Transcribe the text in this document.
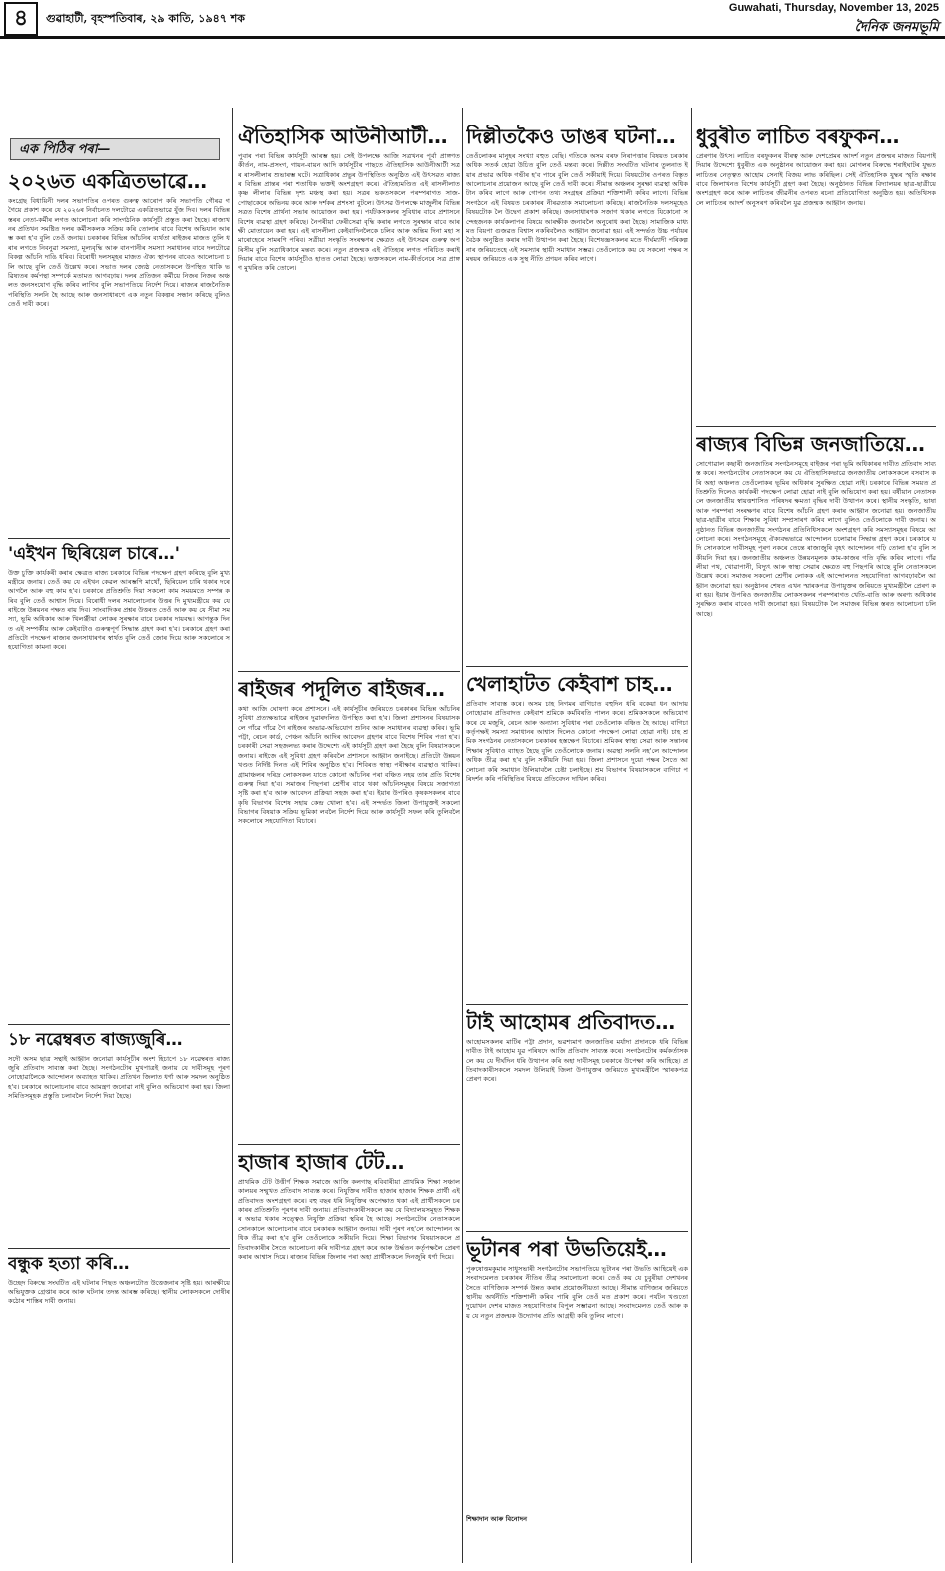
৪	গুৱাহাটী, বৃহস্পতিবাৰ, ২৯ কাতি, ১৯৪৭ শক
Guwahati, Thursday, November 13, 2025
দৈনিক জনমভূমি
এক পিঠিৰ পৰা—
২০২৬ত একত্ৰিতভাৱে…

কংগ্ৰেছ বিধায়িনী দলৰ সভাপতিৰ ওপৰত গুৰুত্ব আৰোপ কৰি সভাপতি গৌৰৱ গগৈয়ে প্ৰকাশ কৰে যে ২০২৬ৰ নিৰ্বাচনত দলটোৱে একত্ৰিতভাৱে যুঁজ দিব। দলৰ বিভিন্ন স্তৰৰ নেতা-কৰ্মীৰ লগত আলোচনা কৰি সাংগঠনিক কাৰ্যসূচী প্ৰস্তুত কৰা হৈছে। ৰাজ্যখনৰ প্ৰতিখন সমষ্টিত দলৰ কৰ্মীসকলক সক্ৰিয় কৰি তোলাৰ বাবে বিশেষ অভিযান আৰম্ভ কৰা হ'ব বুলি তেওঁ জনায়। চৰকাৰৰ বিভিন্ন আঁচনিৰ ব্যৰ্থতা ৰাইজৰ মাজত তুলি ধৰাৰ লগতে নিবনুৱা সমস্যা, মূল্যবৃদ্ধি আৰু বানপানীৰ সমস্যা সমাধানৰ বাবে দলটোৱে বিকল্প আঁচনি দাঙি ধৰিব। বিৰোধী দলসমূহৰ মাজত ঐক্য স্থাপনৰ বাবেও আলোচনা চলি আছে বুলি তেওঁ উল্লেখ কৰে। সভাত দলৰ জ্যেষ্ঠ নেতাসকলে উপস্থিত থাকি ভৱিষ্যতৰ কৰ্মপন্থা সম্পৰ্কে মতামত আগবঢ়ায়। দলৰ প্ৰতিজন কৰ্মীয়ে নিজৰ নিজৰ অঞ্চলত জনসংযোগ বৃদ্ধি কৰিব লাগিব বুলি সভাপতিয়ে নিৰ্দেশ দিয়ে। ৰাজ্যৰ ৰাজনৈতিক পৰিস্থিতি সলনি হৈ আছে আৰু জনসাধাৰণে এক নতুন বিকল্পৰ সন্ধান কৰিছে বুলিও তেওঁ দাবী কৰে।

'এইখন ছিৰিয়েল চাৰে…'

উক্ত চুক্তি কাৰ্যকৰী কৰাৰ ক্ষেত্ৰত ৰাজ্য চৰকাৰে বিভিন্ন পদক্ষেপ গ্ৰহণ কৰিছে বুলি মুখ্যমন্ত্ৰীয়ে জনায়। তেওঁ কয় যে এইখন কেৱল আৰম্ভণি মাথোঁ, ছিৰিয়েল চাৰি থকাৰ দৰে আগলৈ আৰু বহু কাম হ'ব। চৰকাৰে প্ৰতিশ্ৰুতি দিয়া সকলো কাম সময়মতে সম্পন্ন কৰিব বুলি তেওঁ আশ্বাস দিয়ে। বিৰোধী দলৰ সমালোচনাৰ উত্তৰ দি মুখ্যমন্ত্ৰীয়ে কয় যে ৰাইজে উন্নয়নৰ পক্ষত ৰায় দিব। সাংবাদিকৰ প্ৰশ্নৰ উত্তৰত তেওঁ আৰু কয় যে সীমা সমস্যা, ভূমি অধিকাৰ আৰু খিলঞ্জীয়া লোকৰ সুৰক্ষাৰ বাবে চৰকাৰ দায়বদ্ধ। আগন্তুক দিনত এই সম্পৰ্কীয় আৰু কেইবাটাও গুৰুত্বপূৰ্ণ সিদ্ধান্ত গ্ৰহণ কৰা হ'ব। চৰকাৰে গ্ৰহণ কৰা প্ৰতিটো পদক্ষেপ ৰাজ্যৰ জনসাধাৰণৰ স্বাৰ্থত বুলি তেওঁ জোৰ দিয়ে আৰু সকলোৰে সহযোগিতা কামনা কৰে।

১৮ নৱেম্বৰত ৰাজ্যজুৰি…

সদৌ অসম ছাত্ৰ সন্থাই আহ্বান জনোৱা কাৰ্যসূচীৰ অংশ হিচাপে ১৮ নৱেম্বৰত ৰাজ্যজুৰি প্ৰতিবাদ সাব্যস্ত কৰা হৈছে। সংগঠনটোৰ মুখপাত্ৰই জনায় যে দাবীসমূহ পূৰণ নোহোৱালৈকে আন্দোলন অব্যাহত থাকিব। প্ৰতিখন জিলাত ধৰ্ণা আৰু সমদল অনুষ্ঠিত হ'ব। চৰকাৰে আলোচনাৰ বাবে আমন্ত্ৰণ জনোৱা নাই বুলিও অভিযোগ কৰা হয়। জিলা সমিতিসমূহক প্ৰস্তুতি চলাবলৈ নিৰ্দেশ দিয়া হৈছে।

বন্ধুক হত্যা কৰি…

উচ্ছেদ বিৰুদ্ধে সংঘটিত এই ঘটনাৰ পিছত অঞ্চলটোত উত্তেজনাৰ সৃষ্টি হয়। আৰক্ষীয়ে অভিযুক্তক গ্ৰেপ্তাৰ কৰে আৰু ঘটনাৰ তদন্ত আৰম্ভ কৰিছে। স্থানীয় লোকসকলে দোষীৰ কঠোৰ শাস্তিৰ দাবী জনায়।

ঐতিহাসিক আউনীআটী…

পুবাৰ পৰা বিভিন্ন কাৰ্যসূচী আৰম্ভ হয়। সেই উপলক্ষে আজি সত্ৰখনৰ পূৰ্বা প্ৰাঙ্গণত কীৰ্তন, নাম-প্ৰসংগ, গায়ন-বায়ন আদি কাৰ্যসূচীৰ পাছতে ঐতিহাসিক আউনীআটী সত্ৰৰ ৰাসলীলাৰ শুভাৰম্ভ ঘটে। সত্ৰাধিকাৰ প্ৰভুৰ উপস্থিতিত অনুষ্ঠিত এই উৎসৱত ৰাজ্যৰ বিভিন্ন প্ৰান্তৰ পৰা শতাধিক ভক্তই অংশগ্ৰহণ কৰে। ঐতিহ্যমণ্ডিত এই ৰাসলীলাত কৃষ্ণ লীলাৰ বিভিন্ন দৃশ্য মঞ্চস্থ কৰা হয়। সত্ৰৰ ভকতসকলে পৰম্পৰাগত সাজ-পোছাকেৰে অভিনয় কৰে আৰু দৰ্শকৰ প্ৰশংসা বুটলে। উৎসৱ উপলক্ষে মাজুলীৰ বিভিন্ন সত্ৰত বিশেষ প্ৰাৰ্থনা সভাৰ আয়োজন কৰা হয়। পৰ্যটকসকলৰ সুবিধাৰ বাবে প্ৰশাসনে বিশেষ ব্যৱস্থা গ্ৰহণ কৰিছে। নৈপৰীয়া ফেৰীসেৱা বৃদ্ধি কৰাৰ লগতে সুৰক্ষাৰ বাবে আৰক্ষী মোতায়েন কৰা হয়। এই ৰাসলীলা কেইবাদিনলৈকে চলিব আৰু অন্তিম দিনা মহা সমাৰোহেৰে সামৰণি পৰিব। সত্ৰীয়া সংস্কৃতি সংৰক্ষণৰ ক্ষেত্ৰত এই উৎসৱৰ গুৰুত্ব অপৰিসীম বুলি সত্ৰাধিকাৰে মন্তব্য কৰে। নতুন প্ৰজন্মক এই ঐতিহ্যৰ লগত পৰিচিত কৰাই দিয়াৰ বাবে বিশেষ কাৰ্যসূচীও হাতত লোৱা হৈছে। ভক্তসকলে নাম-কীৰ্তনেৰে সত্ৰ প্ৰাঙ্গণ মুখৰিত কৰি তোলে।

ৰাইজৰ পদূলিত ৰাইজৰ…

কথা আজি ঘোষণা কৰে প্ৰশাসনে। এই কাৰ্যসূচীৰ জৰিয়তে চৰকাৰৰ বিভিন্ন আঁচনিৰ সুবিধা প্ৰত্যক্ষভাৱে ৰাইজৰ দুৱাৰদলিত উপস্থিত কৰা হ'ব। জিলা প্ৰশাসনৰ বিষয়াসকলে গাঁৱে গাঁৱে গৈ ৰাইজৰ অভাৱ-অভিযোগ শুনিব আৰু সমাধানৰ ব্যৱস্থা কৰিব। ভূমি পট্টা, ৰেচন কাৰ্ড, পেঞ্চন আঁচনি আদিৰ আবেদন গ্ৰহণৰ বাবে বিশেষ শিবিৰ পতা হ'ব। চৰকাৰী সেৱা সহজলভ্য কৰাৰ উদ্দেশ্যে এই কাৰ্যসূচী গ্ৰহণ কৰা হৈছে বুলি বিষয়াসকলে জনায়। ৰাইজে এই সুবিধা গ্ৰহণ কৰিবলৈ প্ৰশাসনে আহ্বান জনাইছে। প্ৰতিটো উন্নয়ন খণ্ডত নিৰ্দিষ্ট দিনত এই শিবিৰ অনুষ্ঠিত হ'ব। শিবিৰত স্বাস্থ্য পৰীক্ষাৰ ব্যৱস্থাও থাকিব। গ্ৰামাঞ্চলৰ দৰিদ্ৰ লোকসকল যাতে কোনো আঁচনিৰ পৰা বঞ্চিত নহয় তাৰ প্ৰতি বিশেষ গুৰুত্ব দিয়া হ'ব। সমাজৰ পিছপৰা শ্ৰেণীৰ বাবে থকা আঁচনিসমূহৰ বিষয়ে সজাগতা সৃষ্টি কৰা হ'ব আৰু আবেদন প্ৰক্ৰিয়া সহজ কৰা হ'ব। ইয়াৰ উপৰিও কৃষকসকলৰ বাবে কৃষি বিভাগৰ বিশেষ সহায় কেন্দ্ৰ খোলা হ'ব। এই সন্দৰ্ভত জিলা উপায়ুক্তই সকলো বিভাগৰ বিষয়াক সক্ৰিয় ভূমিকা লবলৈ নিৰ্দেশ দিয়ে আৰু কাৰ্যসূচী সফল কৰি তুলিবলৈ সকলোৰে সহযোগিতা বিচাৰে।

হাজাৰ হাজাৰ টেট…

প্ৰাথমিক টেট উত্তীৰ্ণ শিক্ষক সমাজে আজি কলগাছ ৰবিবাৰীয়া প্ৰাথমিক শিক্ষা সঞ্চালকালয়ৰ সন্মুখত প্ৰতিবাদ সাব্যস্ত কৰে। নিযুক্তিৰ দাবীত হাজাৰ হাজাৰ শিক্ষক প্ৰাৰ্থী এই প্ৰতিবাদত অংশগ্ৰহণ কৰে। বহু বছৰ ধৰি নিযুক্তিৰ অপেক্ষাত থকা এই প্ৰাৰ্থীসকলে চৰকাৰৰ প্ৰতিশ্ৰুতি পূৰণৰ দাবী জনায়। প্ৰতিবাদকাৰীসকলে কয় যে বিদ্যালয়সমূহত শিক্ষকৰ অভাৱ থকাৰ সত্ত্বেও নিযুক্তি প্ৰক্ৰিয়া স্থবিৰ হৈ আছে। সংগঠনটোৰ নেতাসকলে সোনকালে আলোচনাৰ বাবে চৰকাৰক আহ্বান জনায়। দাবী পূৰণ নহ'লে আন্দোলন অধিক তীব্ৰ কৰা হ'ব বুলি তেওঁলোকে সকীয়নি দিয়ে। শিক্ষা বিভাগৰ বিষয়াসকলে প্ৰতিবাদকাৰীৰ সৈতে আলোচনা কৰি দাবীপত্ৰ গ্ৰহণ কৰে আৰু উৰ্দ্ধতন কৰ্তৃপক্ষলৈ প্ৰেৰণ কৰাৰ আশ্বাস দিয়ে। ৰাজ্যৰ বিভিন্ন জিলাৰ পৰা অহা প্ৰাৰ্থীসকলে দিনজুৰি ধৰ্ণা দিয়ে।

দিল্লীতকৈও ডাঙৰ ঘটনা…

তেওঁলোকৰ মানুহৰ সংখ্যা বহুত বেছি। গতিকে অসম বৰফ নিৰাপত্তাৰ বিষয়ত চৰকাৰ অধিক সতৰ্ক হোৱা উচিত বুলি তেওঁ মন্তব্য কৰে। দিল্লীত সংঘটিত ঘটনাৰ তুলনাত ইয়াৰ প্ৰভাৱ অধিক গভীৰ হ'ব পাৰে বুলি তেওঁ সকীয়াই দিয়ে। বিষয়টোৰ ওপৰত বিস্তৃত আলোচনাৰ প্ৰয়োজন আছে বুলি তেওঁ দাবী কৰে। সীমান্ত অঞ্চলৰ সুৰক্ষা ব্যৱস্থা অধিক টান কৰিব লাগে আৰু গোপন তথ্য সংগ্ৰহৰ প্ৰক্ৰিয়া শক্তিশালী কৰিব লাগে। বিভিন্ন সংগঠনে এই বিষয়ত চৰকাৰৰ নীৰৱতাক সমালোচনা কৰিছে। ৰাজনৈতিক দলসমূহেও বিষয়টোক লৈ উদ্বেগ প্ৰকাশ কৰিছে। জনসাধাৰণক সজাগ থকাৰ লগতে যিকোনো সন্দেহজনক কাৰ্যকলাপৰ বিষয়ে আৰক্ষীক জনাবলৈ অনুৰোধ কৰা হৈছে। সামাজিক মাধ্যমত বিয়পা গুজৱত বিশ্বাস নকৰিবলৈও আহ্বান জনোৱা হয়। এই সন্দৰ্ভত উচ্চ পৰ্যায়ৰ বৈঠক অনুষ্ঠিত কৰাৰ দাবী উত্থাপন কৰা হৈছে। বিশেষজ্ঞসকলৰ মতে দীৰ্ঘম্যাদী পৰিকল্পনাৰ জৰিয়তেহে এই সমস্যাৰ স্থায়ী সমাধান সম্ভৱ। তেওঁলোকে কয় যে সকলো পক্ষৰ সমন্বয়ৰ জৰিয়তে এক সুস্থ নীতি প্ৰণয়ন কৰিব লাগে।

খেলাহাটত কেইবাশ চাহ…

প্ৰতিবাদ সাব্যস্ত কৰে। অসম চাহ নিগমৰ বাগিচাত বহুদিন ধৰি বকেয়া ধন আদায় নোহোৱাৰ প্ৰতিবাদত কেইবাশ শ্ৰমিকে কৰ্মবিৰতি পালন কৰে। শ্ৰমিকসকলে অভিযোগ কৰে যে মজুৰি, ৰেচন আৰু অন্যান্য সুবিধাৰ পৰা তেওঁলোক বঞ্চিত হৈ আছে। বাগিচা কৰ্তৃপক্ষই সমস্যা সমাধানৰ আশ্বাস দিলেও কোনো পদক্ষেপ লোৱা হোৱা নাই। চাহ শ্ৰমিক সংগঠনৰ নেতাসকলে চৰকাৰৰ হস্তক্ষেপ বিচাৰে। শ্ৰমিকৰ স্বাস্থ্য সেৱা আৰু সন্তানৰ শিক্ষাৰ সুবিধাও ব্যাহত হৈছে বুলি তেওঁলোকে জনায়। অৱস্থা সলনি নহ'লে আন্দোলন অধিক তীব্ৰ কৰা হ'ব বুলি সকীয়নি দিয়া হয়। জিলা প্ৰশাসনে দুয়ো পক্ষৰ সৈতে আলোচনা কৰি সমাধান উলিয়াবলৈ চেষ্টা চলাইছে। শ্ৰম বিভাগৰ বিষয়াসকলে বাগিচা পৰিদৰ্শন কৰি পৰিস্থিতিৰ বিষয়ে প্ৰতিবেদন দাখিল কৰিব।

টাই আহোমৰ প্ৰতিবাদত…

আহোমসকলৰ মাটিৰ পট্টা প্ৰদান, ভৱশ্যমাণ জনজাতিৰ মৰ্যাদা প্ৰদানকে ধৰি বিভিন্ন দাবীত টাই আহোম যুৱ পৰিষদে আজি প্ৰতিবাদ সাব্যস্ত কৰে। সংগঠনটোৰ কৰ্মকৰ্তাসকলে কয় যে দীৰ্ঘদিন ধৰি উত্থাপন কৰি অহা দাবীসমূহ চৰকাৰে উপেক্ষা কৰি আহিছে। প্ৰতিবাদকাৰীসকলে সমদল উলিয়াই জিলা উপায়ুক্তৰ জৰিয়তে মুখ্যমন্ত্ৰীলৈ স্মাৰকপত্ৰ প্ৰেৰণ কৰে।

ভূটানৰ পৰা উভতিয়েই…

পুৰুষোত্তমকুমাৰ সাধুসভাৰী সংগঠনটোৰ সভাপতিয়ে ভূটানৰ পৰা উভতি আহিয়েই এক সংবাদমেলত চৰকাৰৰ নীতিৰ তীব্ৰ সমালোচনা কৰে। তেওঁ কয় যে চুবুৰীয়া দেশখনৰ সৈতে বাণিজ্যিক সম্পৰ্ক উন্নত কৰাৰ প্ৰয়োজনীয়তা আছে। সীমান্ত বাণিজ্যৰ জৰিয়তে স্থানীয় অৰ্থনীতি শক্তিশালী কৰিব পাৰি বুলি তেওঁ মত প্ৰকাশ কৰে। পৰ্যটন খণ্ডতো দুয়োখন দেশৰ মাজত সহযোগিতাৰ বিপুল সম্ভাৱনা আছে। সংবাদমেলত তেওঁ আৰু কয় যে নতুন প্ৰজন্মক উদ্যোগৰ প্ৰতি আগ্ৰহী কৰি তুলিব লাগে।

শিক্ষাদান আৰু বিনোদন
ধুবুৰীত লাচিত বৰফুকন…

প্ৰেৰণাৰ উৎস। লাচিত বৰফুকনৰ বীৰত্ব আৰু দেশপ্ৰেমৰ আদৰ্শ নতুন প্ৰজন্মৰ মাজত বিয়পাই দিয়াৰ উদ্দেশ্যে ধুবুৰীত এক অনুষ্ঠানৰ আয়োজন কৰা হয়। মোগলৰ বিৰুদ্ধে শৰাইঘাটৰ যুদ্ধত লাচিতৰ নেতৃত্বত আহোম সেনাই বিজয় লাভ কৰিছিল। সেই ঐতিহাসিক যুদ্ধৰ স্মৃতি ৰক্ষাৰ বাবে জিলাখনত বিশেষ কাৰ্যসূচী গ্ৰহণ কৰা হৈছে। অনুষ্ঠানত বিভিন্ন বিদ্যালয়ৰ ছাত্ৰ-ছাত্ৰীয়ে অংশগ্ৰহণ কৰে আৰু লাচিতৰ জীৱনীৰ ওপৰত ৰচনা প্ৰতিযোগিতা অনুষ্ঠিত হয়। অতিথিসকলে লাচিতৰ আদৰ্শ অনুসৰণ কৰিবলৈ যুৱ প্ৰজন্মক আহ্বান জনায়।

ৰাজ্যৰ বিভিন্ন জনজাতিয়ে…

সোণোৱাল কছাৰী জনজাতিৰ সংগঠনসমূহে বাইজৰ পৰা ভূমি অধিকাৰৰ দাবীত প্ৰতিবাদ সাব্যস্ত কৰে। সংগঠনটোৰ নেতাসকলে কয় যে ঐতিহাসিকভাৱে জনজাতীয় লোকসকলে বসবাস কৰি অহা অঞ্চলত তেওঁলোকৰ ভূমিৰ অধিকাৰ সুৰক্ষিত হোৱা নাই। চৰকাৰে বিভিন্ন সময়ত প্ৰতিশ্ৰুতি দিলেও কাৰ্যকৰী পদক্ষেপ লোৱা হোৱা নাই বুলি অভিযোগ কৰা হয়। বৰ্ষীয়ান নেতাসকলে জনজাতীয় স্বায়ত্তশাসিত পৰিষদৰ ক্ষমতা বৃদ্ধিৰ দাবী উত্থাপন কৰে। স্থানীয় সংস্কৃতি, ভাষা আৰু পৰম্পৰা সংৰক্ষণৰ বাবে বিশেষ আঁচনি গ্ৰহণ কৰাৰ আহ্বান জনোৱা হয়। জনজাতীয় ছাত্ৰ-ছাত্ৰীৰ বাবে শিক্ষাৰ সুবিধা সম্প্ৰসাৰণ কৰিব লাগে বুলিও তেওঁলোকে দাবী জনায়। অনুষ্ঠানত বিভিন্ন জনজাতীয় সংগঠনৰ প্ৰতিনিধিসকলে অংশগ্ৰহণ কৰি সমস্যাসমূহৰ বিষয়ে আলোচনা কৰে। সংগঠনসমূহে ঐক্যবদ্ধভাৱে আন্দোলন চলোৱাৰ সিদ্ধান্ত গ্ৰহণ কৰে। চৰকাৰে যদি সোনকালে দাবীসমূহ পূৰণ নকৰে তেন্তে ৰাজ্যজুৰি বৃহৎ আন্দোলন গঢ়ি তোলা হ'ব বুলি সকীয়নি দিয়া হয়। জনজাতীয় অঞ্চলত উন্নয়নমূলক কাম-কাজৰ গতি বৃদ্ধি কৰিব লাগে। গাঁৱলীয়া পথ, খোৱাপানী, বিদ্যুৎ আৰু স্বাস্থ্য সেৱাৰ ক্ষেত্ৰত বহু পিছপৰি আছে বুলি নেতাসকলে উল্লেখ কৰে। সমাজৰ সকলো শ্ৰেণীৰ লোকক এই আন্দোলনত সহযোগিতা আগবঢ়াবলৈ আহ্বান জনোৱা হয়। অনুষ্ঠানৰ শেষত এখন স্মাৰকপত্ৰ উপায়ুক্তৰ জৰিয়তে মুখ্যমন্ত্ৰীলৈ প্ৰেৰণ কৰা হয়। ইয়াৰ উপৰিও জনজাতীয় লোকসকলৰ পৰম্পৰাগত খেতি-বাতি আৰু অৰণ্য অধিকাৰ সুৰক্ষিত কৰাৰ বাবেও দাবী জনোৱা হয়। বিষয়টোক লৈ সমাজৰ বিভিন্ন স্তৰত আলোচনা চলি আছে।
